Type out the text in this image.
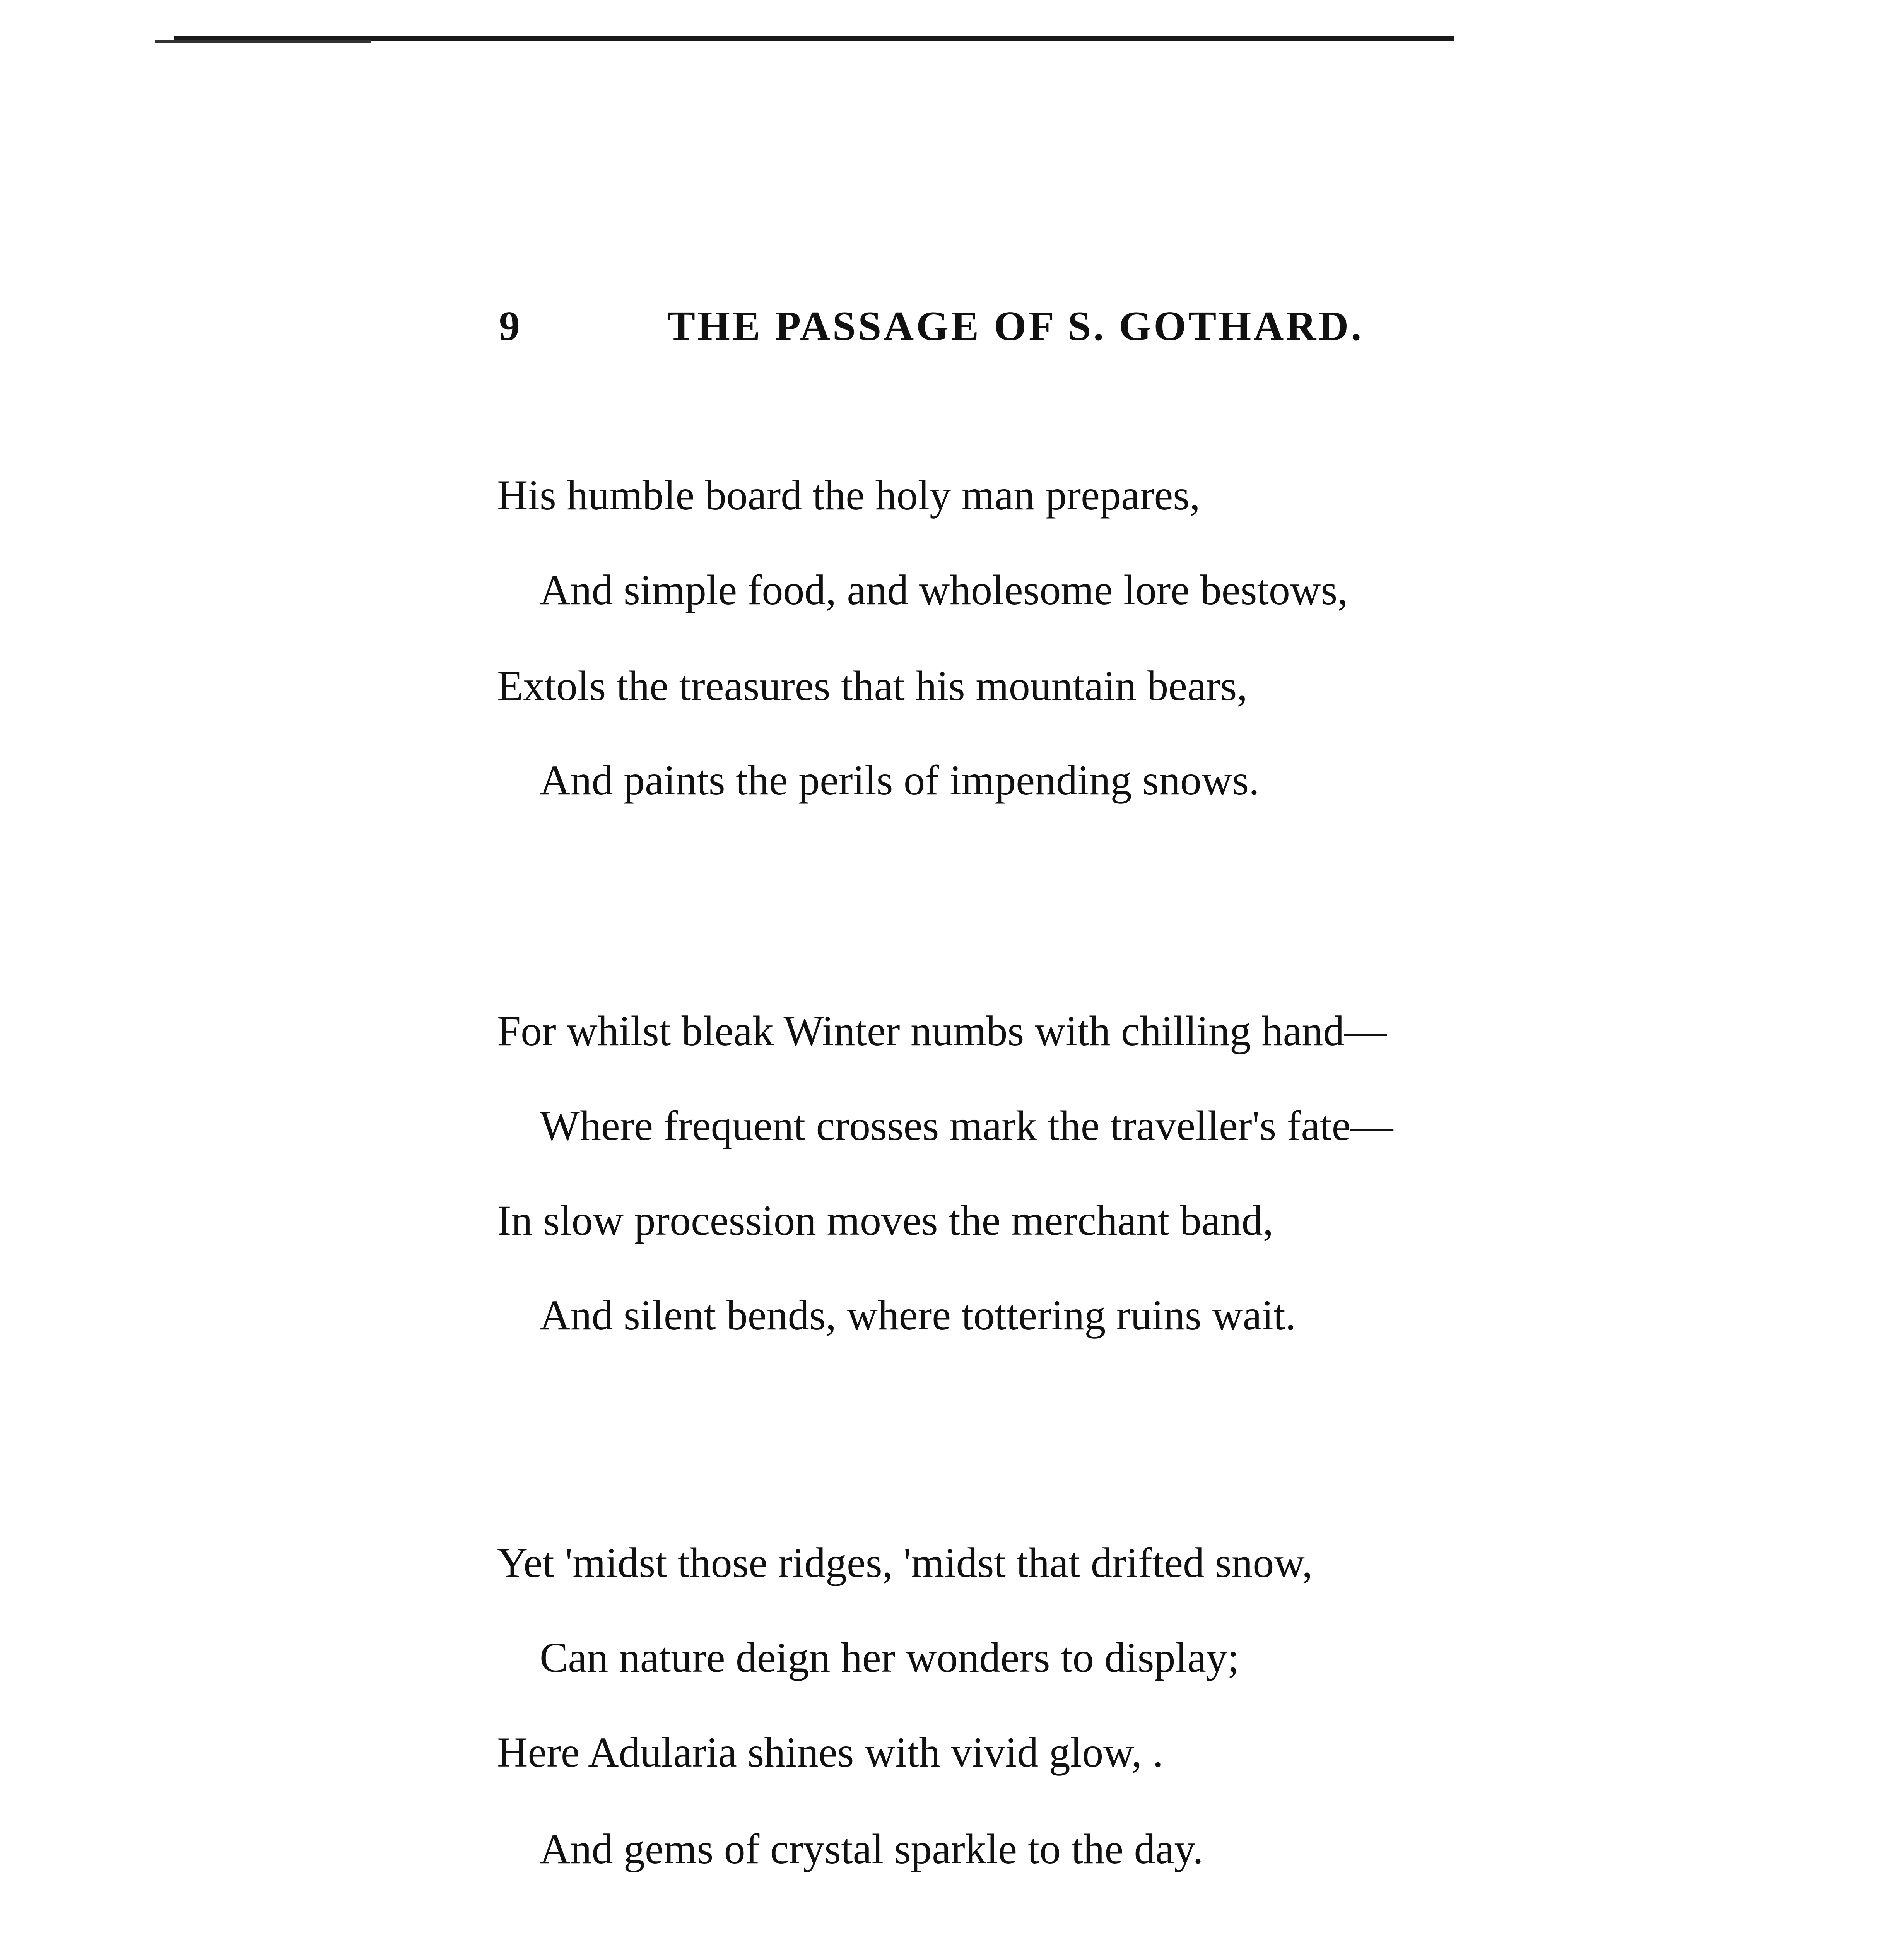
9	THE PASSAGE OF S. GOTHARD.
His humble board the holy man prepares,
And simple food, and wholesome lore bestows,
Extols the treasures that his mountain bears,
And paints the perils of impending snows.
For whilst bleak Winter numbs with chilling hand—
Where frequent crosses mark the traveller's fate—
In slow procession moves the merchant band,
And silent bends, where tottering ruins wait.
Yet 'midst those ridges, 'midst that drifted snow,
Can nature deign her wonders to display;
Here Adularia shines with vivid glow, .
And gems of crystal sparkle to the day.
